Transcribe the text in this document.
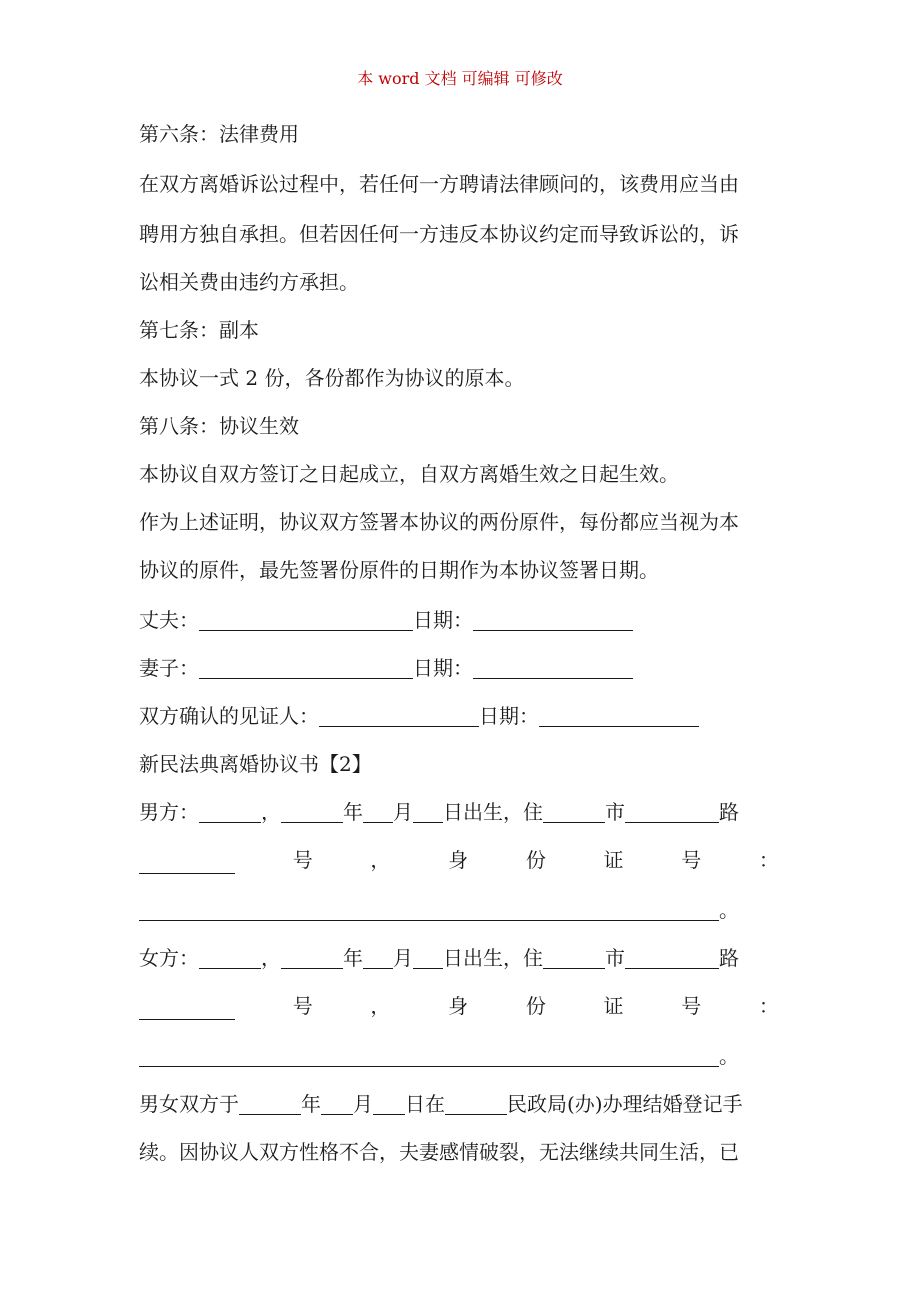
本 word 文档 可编辑 可修改
第六条：法律费用
在双方离婚诉讼过程中，若任何一方聘请法律顾问的，该费用应当由
聘用方独自承担。但若因任何一方违反本协议约定而导致诉讼的，诉
讼相关费由违约方承担。
第七条：副本
本协议一式 2 份，各份都作为协议的原本。
第八条：协议生效
本协议自双方签订之日起成立，自双方离婚生效之日起生效。
作为上述证明，协议双方签署本协议的两份原件，每份都应当视为本
协议的原件，最先签署份原件的日期作为本协议签署日期。
丈夫：	日期：
妻子：	日期：
双方确认的见证人：	日期：
新民法典离婚协议书【2】
男方：	，	年 月 日出生，住	市	路
号	，	身	份	证	号	：
。
女方：	，	年 月 日出生，住	市	路
号	，	身	份	证	号	：
。
男女双方于	年 月 日在	民政局(办)办理结婚登记手
续。因协议人双方性格不合，夫妻感情破裂，无法继续共同生活，已
